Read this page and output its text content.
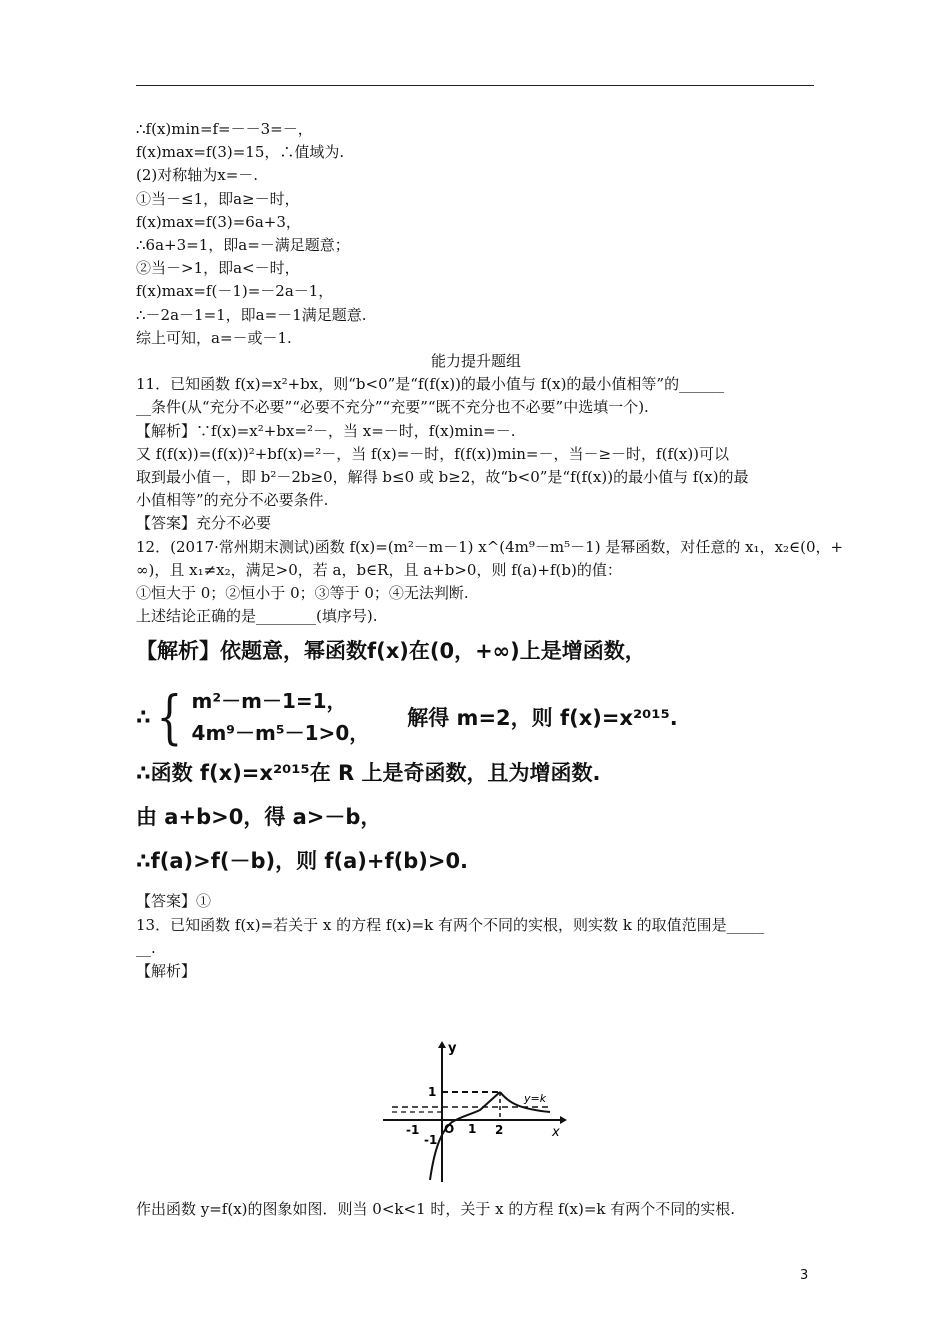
∴f(x)min=f=－－3=－，
f(x)max=f(3)=15，∴值域为.
(2)对称轴为x=－.
①当－≤1，即a≥－时，
f(x)max=f(3)=6a+3，
∴6a+3=1，即a=－满足题意；
②当－>1，即a<－时，
f(x)max=f(－1)=－2a－1，
∴－2a－1=1，即a=－1满足题意.
综上可知，a=－或－1.
能力提升题组
11．已知函数 f(x)=x²+bx，则“b<0”是“f(f(x))的最小值与 f(x)的最小值相等”的______
__条件(从“充分不必要”“必要不充分”“充要”“既不充分也不必要”中选填一个).
【解析】∵f(x)=x²+bx=²－，当 x=－时，f(x)min=－.
又 f(f(x))=(f(x))²+bf(x)=²－，当 f(x)=－时，f(f(x))min=－，当－≥－时，f(f(x))可以
取到最小值－，即 b²－2b≥0，解得 b≤0 或 b≥2，故“b<0”是“f(f(x))的最小值与 f(x)的最
小值相等”的充分不必要条件.
【答案】充分不必要
12．(2017·常州期末测试)函数 f(x)=(m²－m－1) x^(4m⁹－m⁵－1) 是幂函数，对任意的 x₁，x₂∈(0，+
∞)，且 x₁≠x₂，满足>0，若 a，b∈R，且 a+b>0，则 f(a)+f(b)的值：
①恒大于 0；②恒小于 0；③等于 0；④无法判断.
上述结论正确的是________(填序号).
【解析】依题意，幂函数f(x)在(0，+∞)上是增函数，
∴ { m²－m－1=1，
4m⁹－m⁵－1>0，
解得 m=2，则 f(x)=x²⁰¹⁵.
∴函数 f(x)=x²⁰¹⁵在 R 上是奇函数，且为增函数.
由 a+b>0，得 a>－b，
∴f(a)>f(－b)，则 f(a)+f(b)>0.
【答案】①
13．已知函数 f(x)=若关于 x 的方程 f(x)=k 有两个不同的实根，则实数 k 的取值范围是_____
__.
【解析】
y
x
O 1 2
-1
1
-1
y=k
作出函数 y=f(x)的图象如图．则当 0<k<1 时，关于 x 的方程 f(x)=k 有两个不同的实根.
3
